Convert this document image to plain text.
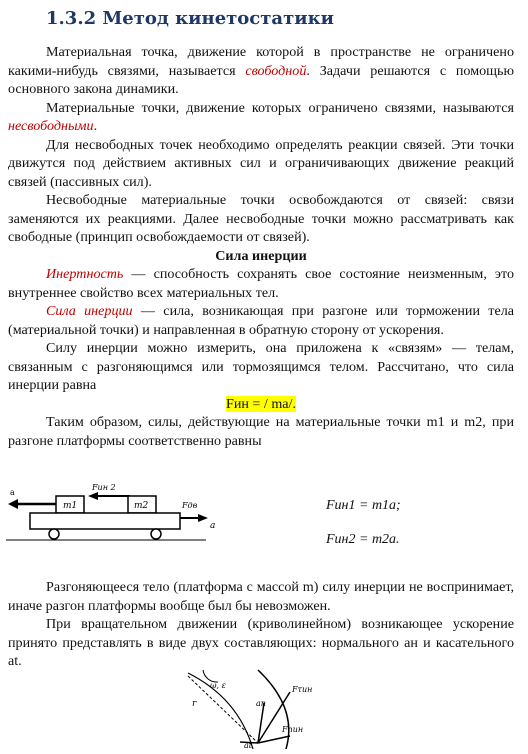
1.3.2 Метод кинетостатики

Материальная точка, движение которой в пространстве не ограничено какими-нибудь связями, называется свободной. Задачи решаются с помощью основного закона динамики.

Материальные точки, движение которых ограничено связями, называются несвободными.

Для несвободных точек необходимо определять реакции связей. Эти точки движутся под действием активных сил и ограничивающих движение реакций связей (пассивных сил).

Несвободные материальные точки освобождаются от связей: связи заменяются их реакциями. Далее несвободные точки можно рассматривать как свободные (принцип освобождаемости от связей).

Сила инерции

Инертность — способность сохранять свое состояние неизменным, это внутреннее свойство всех материальных тел.

Сила инерции — сила, возникающая при разгоне или торможении тела (материальной точки) и направленная в обратную сторону от ускорения.

Силу инерции можно измерить, она приложена к «связям» — телам, связанным с разгоняющимся или тормозящимся телом. Рассчитано, что сила инерции равна

Fин = / ma/.

Таким образом, силы, действующие на материальные точки m1 и m2, при разгоне платформы соответственно равны

a
Fин 2
m1	m2	Fдв
a
Fин1 = m1a;
Fин2 = m2a.

Разгоняющееся тело (платформа с массой m) силу инерции не воспринимает, иначе разгон платформы вообще был бы невозможен.

При вращательном движении (криволинейном) возникающее ускорение принято представлять в виде двух составляющих: нормального aн и касательного at.

ω, ε
r	an
at
Fτин
Fnин
